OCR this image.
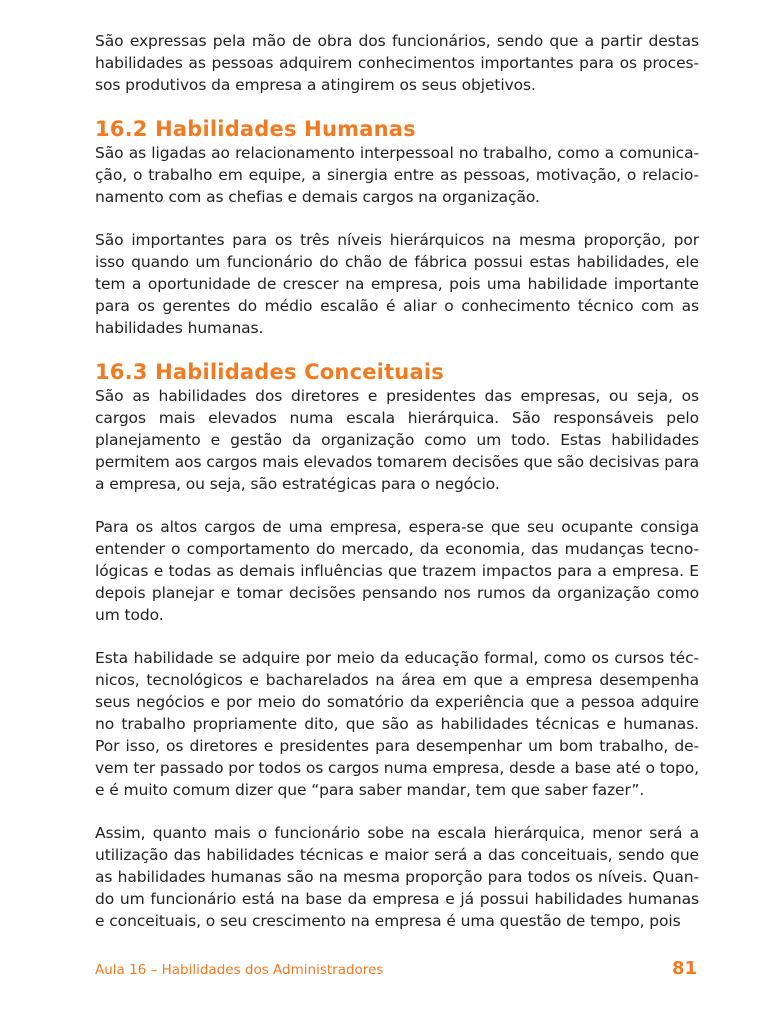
São expressas pela mão de obra dos funcionários, sendo que a partir destas habilidades as pessoas adquirem conhecimentos importantes para os proces-sos produtivos da empresa a atingirem os seus objetivos.

16.2 Habilidades Humanas

São as ligadas ao relacionamento interpessoal no trabalho, como a comunica-ção, o trabalho em equipe, a sinergia entre as pessoas, motivação, o relacio-namento com as chefias e demais cargos na organização.

São importantes para os três níveis hierárquicos na mesma proporção, por isso quando um funcionário do chão de fábrica possui estas habilidades, ele tem a oportunidade de crescer na empresa, pois uma habilidade importante para os gerentes do médio escalão é aliar o conhecimento técnico com as habilidades humanas.

16.3 Habilidades Conceituais

São as habilidades dos diretores e presidentes das empresas, ou seja, os cargos mais elevados numa escala hierárquica. São responsáveis pelo planejamento e gestão da organização como um todo. Estas habilidades permitem aos cargos mais elevados tomarem decisões que são decisivas para a empresa, ou seja, são estratégicas para o negócio.

Para os altos cargos de uma empresa, espera-se que seu ocupante consiga entender o comportamento do mercado, da economia, das mudanças tecno-lógicas e todas as demais influências que trazem impactos para a empresa. E depois planejar e tomar decisões pensando nos rumos da organização como um todo.

Esta habilidade se adquire por meio da educação formal, como os cursos téc-nicos, tecnológicos e bacharelados na área em que a empresa desempenha seus negócios e por meio do somatório da experiência que a pessoa adquire no trabalho propriamente dito, que são as habilidades técnicas e humanas. Por isso, os diretores e presidentes para desempenhar um bom trabalho, de-vem ter passado por todos os cargos numa empresa, desde a base até o topo, e é muito comum dizer que “para saber mandar, tem que saber fazer”.

Assim, quanto mais o funcionário sobe na escala hierárquica, menor será a utilização das habilidades técnicas e maior será a das conceituais, sendo que as habilidades humanas são na mesma proporção para todos os níveis. Quan-do um funcionário está na base da empresa e já possui habilidades humanas e conceituais, o seu crescimento na empresa é uma questão de tempo, pois

Aula 16 – Habilidades dos Administradores	81
